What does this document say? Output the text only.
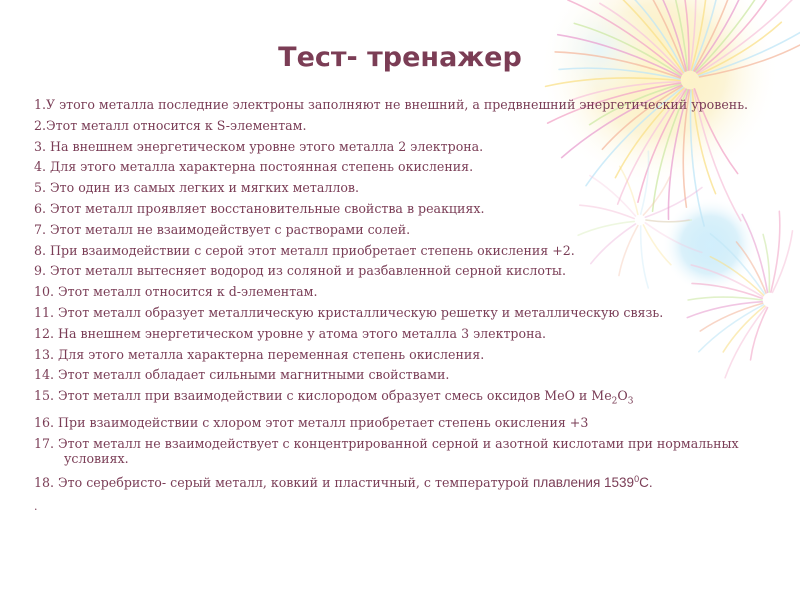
Тест- тренажер
1.У этого металла последние электроны заполняют не внешний, а предвнешний энергетический уровень.
2.Этот металл относится к S-элементам.
3. На внешнем энергетическом уровне этого металла 2 электрона.
4. Для этого металла характерна постоянная степень окисления.
5. Это один из самых легких и мягких металлов.
6. Этот металл проявляет восстановительные свойства в реакциях.
7. Этот металл не взаимодействует с растворами солей.
8. При взаимодействии с серой этот металл приобретает степень окисления +2.
9. Этот металл вытесняет водород из соляной и разбавленной серной кислоты.
10. Этот металл относится к d-элементам.
11. Этот металл образует металлическую кристаллическую решетку и металлическую связь.
12. На внешнем энергетическом уровне у атома этого металла 3 электрона.
13. Для этого металла характерна переменная степень окисления.
14. Этот металл обладает сильными магнитными свойствами.
15. Этот металл при взаимодействии с кислородом образует смесь оксидов MeO и $Me_2O_3$
16. При взаимодействии с хлором этот металл приобретает степень окисления +3
17. Этот металл не взаимодействует с концентрированной серной и азотной кислотами при нормальных условиях.
18. Это серебристо- серый металл, ковкий и пластичный, с температурой плавления 1539$^0$С.
.
